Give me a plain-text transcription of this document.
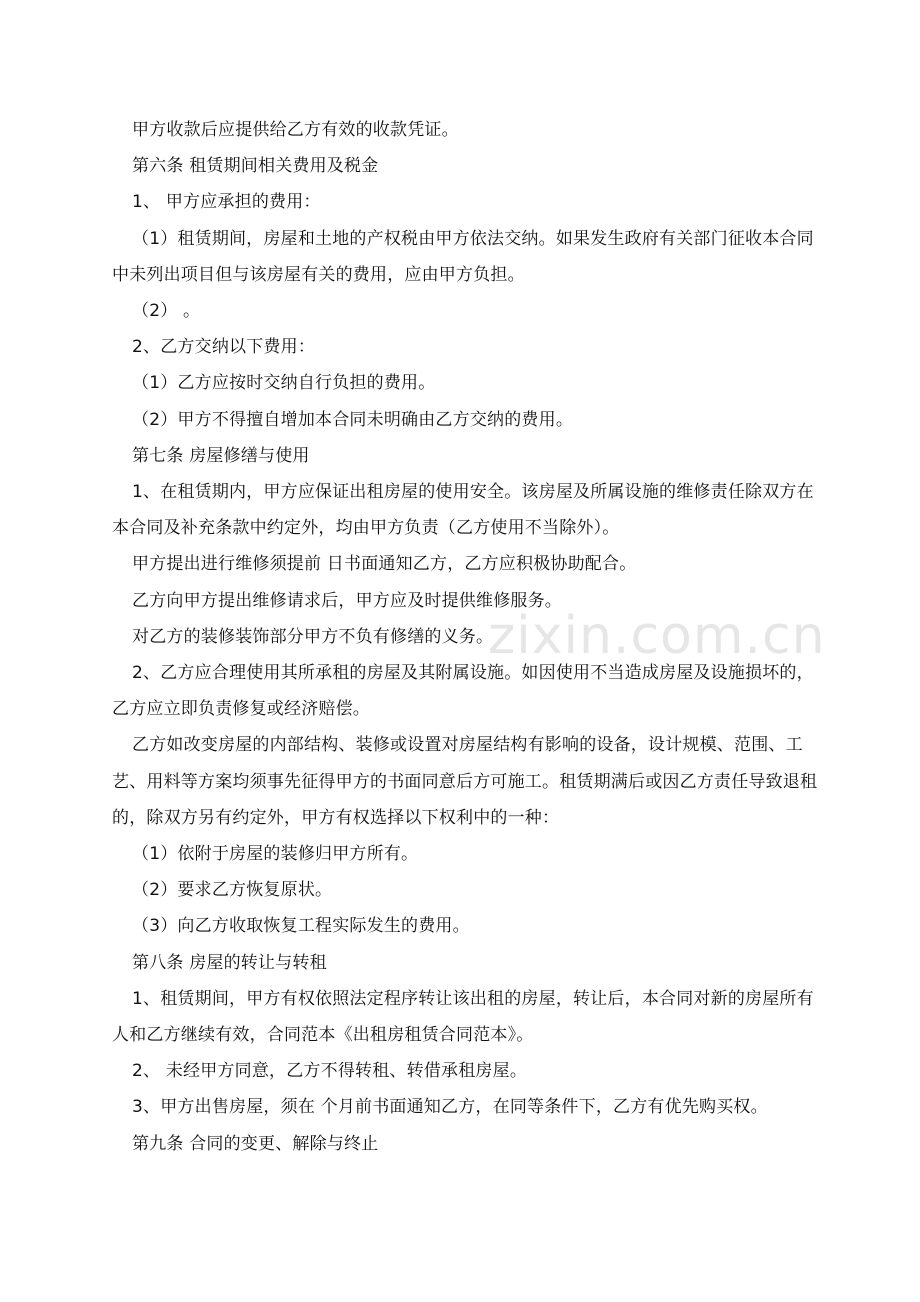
zixin.com.cn

甲方收款后应提供给乙方有效的收款凭证。

第六条 租赁期间相关费用及税金

1、 甲方应承担的费用：

（1）租赁期间，房屋和土地的产权税由甲方依法交纳。如果发生政府有关部门征收本合同中未列出项目但与该房屋有关的费用，应由甲方负担。

（2） 。

2、乙方交纳以下费用：

（1）乙方应按时交纳自行负担的费用。

（2）甲方不得擅自增加本合同未明确由乙方交纳的费用。

第七条 房屋修缮与使用

1、在租赁期内，甲方应保证出租房屋的使用安全。该房屋及所属设施的维修责任除双方在本合同及补充条款中约定外，均由甲方负责（乙方使用不当除外）。

甲方提出进行维修须提前 日书面通知乙方，乙方应积极协助配合。

乙方向甲方提出维修请求后，甲方应及时提供维修服务。

对乙方的装修装饰部分甲方不负有修缮的义务。

2、乙方应合理使用其所承租的房屋及其附属设施。如因使用不当造成房屋及设施损坏的，乙方应立即负责修复或经济赔偿。

乙方如改变房屋的内部结构、装修或设置对房屋结构有影响的设备，设计规模、范围、工艺、用料等方案均须事先征得甲方的书面同意后方可施工。租赁期满后或因乙方责任导致退租的，除双方另有约定外，甲方有权选择以下权利中的一种：

（1）依附于房屋的装修归甲方所有。

（2）要求乙方恢复原状。

（3）向乙方收取恢复工程实际发生的费用。

第八条 房屋的转让与转租

1、租赁期间，甲方有权依照法定程序转让该出租的房屋，转让后，本合同对新的房屋所有人和乙方继续有效，合同范本《出租房租赁合同范本》。

2、 未经甲方同意，乙方不得转租、转借承租房屋。

3、甲方出售房屋，须在 个月前书面通知乙方，在同等条件下，乙方有优先购买权。

第九条 合同的变更、解除与终止
